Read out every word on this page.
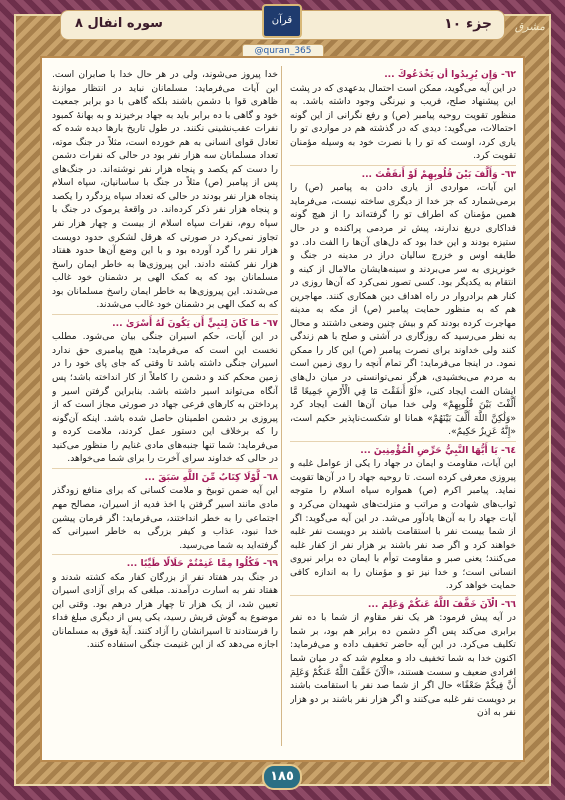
مشرق
جزء ١٠
سوره انفال ٨	قرآن
@quran_365
٦٢- وَإِن يُرِيدُوا أَن يَخْدَعُوكَ ...
در این آیه می‌گوید، ممکن است احتمال بدعهدی که در پشت این پیشنهاد صلح، فریب و نیرنگی وجود داشته باشد. به منظور تقویت روحیه پیامبر (ص) و رفع نگرانی از این گونه احتمالات، می‌گوید: دیدی که در گذشته هم در مواردی تو را یاری کرد، اوست که تو را با نصرت خود به وسیله مؤمنان تقویت کرد.
٦٣- وَأَلَّفَ بَيْنَ قُلُوبِهِمْ لَوْ أَنفَقْتَ ...
این آیات، مواردی از یاری دادن به پیامبر (ص) را برمی‌شمارد که جز خدا از دیگری ساخته نیست، می‌فرماید همین مؤمنان که اطراف تو را گرفته‌اند را از هیچ گونه فداکاری دریغ ندارند، پیش تر مردمی پراکنده و در حال ستیزه بودند و این خدا بود که دل‌های آن‌ها را الفت داد. دو طایفه اوس و خزرج سالیان دراز در مدینه در جنگ و خونریزی به سر می‌بردند و سینه‌هایشان مالامال از کینه و انتقام به یکدیگر بود. کسی تصور نمی‌کرد که آن‌ها روزی در کنار هم برادروار در راه اهداف دین همکاری کنند. مهاجرین هم که به منظور حمایت پیامبر (ص) از مکه به مدینه مهاجرت کرده بودند کم و بیش چنین وضعی داشتند و محال به نظر می‌رسید که روزگاری در آشتی و صلح با هم زندگی کنند ولی خداوند برای نصرت پیامبر (ص) این کار را ممکن نمود. در اینجا می‌فرماید: اگر تمام آنچه را روی زمین است به مردم می‌بخشیدی، هرگز نمی‌توانستی در میان دل‌های ایشان الفت ایجاد کنی، «لَوْ أَنفَقْتَ مَا فِي الْأَرْضِ جَمِيعًا مَّا أَلَّفْتَ بَيْنَ قُلُوبِهِمْ» ولی خدا میان آن‌ها الفت ایجاد کرد «وَلَٰكِنَّ اللَّهَ أَلَّفَ بَيْنَهُمْ» همانا او شکست‌ناپذیر حکیم است، «إِنَّهُ عَزِيزٌ حَكِيمٌ».
٦٤- يَا أَيُّهَا النَّبِيُّ حَرِّضِ الْمُؤْمِنِينَ ...
این آیات، مقاومت و ایمان در جهاد را یکی از عوامل غلبه و پیروزی معرفی کرده است. تا روحیه جهاد را در آن‌ها تقویت نماید. پیامبر اکرم (ص) همواره سپاه اسلام را متوجه ثواب‌های شهادت و مراتب و منزلت‌های شهیدان می‌کرد و آیات جهاد را به آن‌ها یادآور می‌شد. در این آیه می‌گوید: اگر از شما بیست نفر با استقامت باشند بر دویست نفر غلبه خواهند کرد و اگر صد نفر باشند بر هزار نفر از کفار غلبه می‌کنند؛ یعنی صبر و مقاومت توأم با ایمان ده برابر نیروی انسانی است؛ و خدا نیز تو و مؤمنان را به اندازه کافی حمایت خواهد کرد.
٦٦- الْآنَ خَفَّفَ اللَّهُ عَنكُمْ وَعَلِمَ ...
در آیه پیش فرمود: هر یک نفر مقاوم از شما با ده نفر برابری می‌کند پس اگر دشمن ده برابر هم بود، بر شما تکلیف می‌کرد. در این آیه حاضر تخفیف داده و می‌فرماید: اکنون خدا به شما تخفیف داد و معلوم شد که در میان شما افرادی ضعیف و سست هستند، «الْآنَ خَفَّفَ اللَّهُ عَنكُمْ وَعَلِمَ أَنَّ فِيكُمْ ضَعْفًا» حال اگر از شما صد نفر با استقامت باشند بر دویست نفر غلبه می‌کنند و اگر هزار نفر باشند بر دو هزار نفر به اذن
خدا پیروز می‌شوند، ولی در هر حال خدا با صابران است. این آیات می‌فرماید: مسلمانان نباید در انتظار موازنهٔ ظاهری قوا با دشمن باشند بلکه گاهی با دو برابر جمعیت خود و گاهی با ده برابر باید به جهاد برخیزند و به بهانهٔ کمبود نفرات عقب‌نشینی نکنند. در طول تاریخ بارها دیده شده که تعادل قوای انسانی به هم خورده است، مثلاً در جنگ موته، تعداد مسلمانان سه هزار نفر بود در حالی که نفرات دشمن را دست کم یکصد و پنجاه هزار نفر نوشته‌اند. در جنگ‌های پس از پیامبر (ص) مثلاً در جنگ با ساسانیان، سپاه اسلام پنجاه هزار نفر بودند در حالی که تعداد سپاه یزدگرد را یکصد و پنجاه هزار نفر ذکر کرده‌اند. در واقعهٔ یرموک در جنگ با سپاه روم، نفرات سپاه اسلام از بیست و چهار هزار نفر تجاوز نمی‌کرد در صورتی که هرقل لشکری حدود دویست هزار نفر را گرد آورده بود و با این وضع آن‌ها حدود هفتاد هزار نفر کشته دادند. این پیروزی‌ها به خاطر ایمان راسخ مسلمانان بود که به کمک الهی بر دشمنان خود غالب می‌شدند. این پیروزی‌ها به خاطر ایمان راسخ مسلمانان بود که به کمک الهی بر دشمنان خود غالب می‌شدند.
٦٧- مَا كَانَ لِنَبِيٍّ أَن يَكُونَ لَهُ أَسْرَىٰ ...
در این آیات، حکم اسیران جنگی بیان می‌شود. مطلب نخست این است که می‌فرماید: هیچ پیامبری حق ندارد اسیران جنگی داشته باشد تا وقتی که جای پای خود را در زمین محکم کند و دشمن را کاملاً از کار انداخته باشد؛ پس آنگاه می‌تواند اسیر داشته باشد. بنابراین گرفتن اسیر و پرداختن به کارهای فرعی جهاد در صورتی مجاز است که از پیروزی بر دشمن اطمینان حاصل شده باشد. اینکه آن‌گونه را که برخلاف این دستور عمل کردند، ملامت کرده و می‌فرماید: شما تنها جنبه‌های مادی غنایم را منظور می‌کنید در حالی که خداوند سرای آخرت را برای شما می‌خواهد.
٦٨- لَّوْلَا كِتَابٌ مِّنَ اللَّهِ سَبَقَ ...
این آیه ضمن توبیخ و ملامت کسانی که برای منافع زودگذر مادی مانند اسیر گرفتن یا اخذ فدیه از اسیران، مصالح مهم اجتماعی را به خطر انداختند، می‌فرماید: اگر فرمان پیشین خدا نبود، عذاب و کیفر بزرگی به خاطر اسیرانی که گرفته‌اید به شما می‌رسید.
٦٩- فَكُلُوا مِمَّا غَنِمْتُمْ حَلَالًا طَيِّبًا ...
در جنگ بدر هفتاد نفر از بزرگان کفار مکه کشته شدند و هفتاد نفر به اسارت درآمدند. مبلغی که برای آزادی اسیران تعیین شد، از یک هزار تا چهار هزار درهم بود. وقتی این موضوع به گوش قریش رسید، یکی پس از دیگری مبلغ فداء را فرستادند تا اسیرانشان را آزاد کنند. آیهٔ فوق به مسلمانان اجازه می‌دهد که از این غنیمت جنگی استفاده کنند.
١٨٥
